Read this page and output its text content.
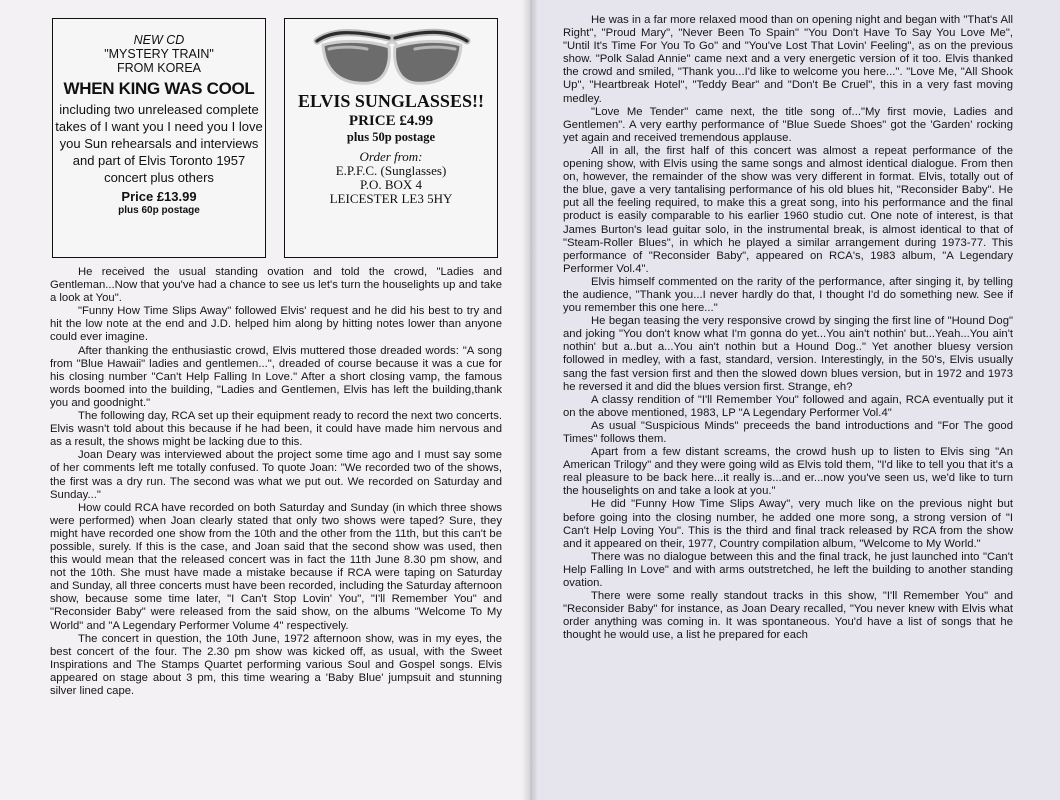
NEW CD
"MYSTERY TRAIN"
FROM KOREA
WHEN KING WAS COOL
including two unreleased complete takes of I want you I need you I love you Sun rehearsals and interviews and part of Elvis Toronto 1957 concert plus others
Price £13.99
plus 60p postage
ELVIS SUNGLASSES!!
PRICE £4.99
plus 50p postage
Order from:
E.P.F.C. (Sunglasses)
P.O. BOX 4
LEICESTER LE3 5HY

He received the usual standing ovation and told the crowd, "Ladies and Gentleman...Now that you've had a chance to see us let's turn the houselights up and take a look at You".

"Funny How Time Slips Away" followed Elvis' request and he did his best to try and hit the low note at the end and J.D. helped him along by hitting notes lower than anyone could ever imagine.

After thanking the enthusiastic crowd, Elvis muttered those dreaded words: "A song from "Blue Hawaii" ladies and gentlemen...", dreaded of course because it was a cue for his closing number "Can't Help Falling In Love." After a short closing vamp, the famous words boomed into the building, "Ladies and Gentlemen, Elvis has left the building,thank you and goodnight."

The following day, RCA set up their equipment ready to record the next two concerts. Elvis wasn't told about this because if he had been, it could have made him nervous and as a result, the shows might be lacking due to this.

Joan Deary was interviewed about the project some time ago and I must say some of her comments left me totally confused. To quote Joan: "We recorded two of the shows, the first was a dry run. The second was what we put out. We recorded on Saturday and Sunday..."

How could RCA have recorded on both Saturday and Sunday (in which three shows were performed) when Joan clearly stated that only two shows were taped? Sure, they might have recorded one show from the 10th and the other from the 11th, but this can't be possible, surely. If this is the case, and Joan said that the second show was used, then this would mean that the released concert was in fact the 11th June 8.30 pm show, and not the 10th. She must have made a mistake because if RCA were taping on Saturday and Sunday, all three concerts must have been recorded, including the Saturday afternoon show, because some time later, "I Can't Stop Lovin' You", "I'll Remember You" and "Reconsider Baby" were released from the said show, on the albums "Welcome To My World" and "A Legendary Performer Volume 4" respectively.

The concert in question, the 10th June, 1972 afternoon show, was in my eyes, the best concert of the four. The 2.30 pm show was kicked off, as usual, with the Sweet Inspirations and The Stamps Quartet performing various Soul and Gospel songs. Elvis appeared on stage about 3 pm, this time wearing a 'Baby Blue' jumpsuit and stunning silver lined cape.

He was in a far more relaxed mood than on opening night and began with "That's All Right", "Proud Mary", "Never Been To Spain" "You Don't Have To Say You Love Me", "Until It's Time For You To Go" and "You've Lost That Lovin' Feeling", as on the previous show. "Polk Salad Annie" came next and a very energetic version of it too. Elvis thanked the crowd and smiled, "Thank you...I'd like to welcome you here...". "Love Me, "All Shook Up", "Heartbreak Hotel", "Teddy Bear" and "Don't Be Cruel", this in a very fast moving medley.

"Love Me Tender" came next, the title song of..."My first movie, Ladies and Gentlemen". A very earthy performance of "Blue Suede Shoes" got the 'Garden' rocking yet again and received tremendous applause.

All in all, the first half of this concert was almost a repeat performance of the opening show, with Elvis using the same songs and almost identical dialogue. From then on, however, the remainder of the show was very different in format. Elvis, totally out of the blue, gave a very tantalising performance of his old blues hit, "Reconsider Baby". He put all the feeling required, to make this a great song, into his performance and the final product is easily comparable to his earlier 1960 studio cut. One note of interest, is that James Burton's lead guitar solo, in the instrumental break, is almost identical to that of "Steam-Roller Blues", in which he played a similar arrangement during 1973-77. This performance of "Reconsider Baby", appeared on RCA's, 1983 album, "A Legendary Performer Vol.4".

Elvis himself commented on the rarity of the performance, after singing it, by telling the audience, "Thank you...I never hardly do that, I thought I'd do something new. See if you remember this one here..."

He began teasing the very responsive crowd by singing the first line of "Hound Dog" and joking "You don't know what I'm gonna do yet...You ain't nothin' but...Yeah...You ain't nothin' but a..but a...You ain't nothin but a Hound Dog.." Yet another bluesy version followed in medley, with a fast, standard, version. Interestingly, in the 50's, Elvis usually sang the fast version first and then the slowed down blues version, but in 1972 and 1973 he reversed it and did the blues version first. Strange, eh?

A classy rendition of "I'll Remember You" followed and again, RCA eventually put it on the above mentioned, 1983, LP "A Legendary Performer Vol.4"

As usual "Suspicious Minds" preceeds the band introductions and "For The good Times" follows them.

Apart from a few distant screams, the crowd hush up to listen to Elvis sing "An American Trilogy" and they were going wild as Elvis told them, "I'd like to tell you that it's a real pleasure to be back here...it really is...and er...now you've seen us, we'd like to turn the houselights on and take a look at you."

He did "Funny How Time Slips Away", very much like on the previous night but before going into the closing number, he added one more song, a strong version of "I Can't Help Loving You". This is the third and final track released by RCA from the show and it appeared on their, 1977, Country compilation album, "Welcome to My World."

There was no dialogue between this and the final track, he just launched into "Can't Help Falling In Love" and with arms outstretched, he left the building to another standing ovation.

There were some really standout tracks in this show, "I'll Remember You" and "Reconsider Baby" for instance, as Joan Deary recalled, "You never knew with Elvis what order anything was coming in. It was spontaneous. You'd have a list of songs that he thought he would use, a list he prepared for each
